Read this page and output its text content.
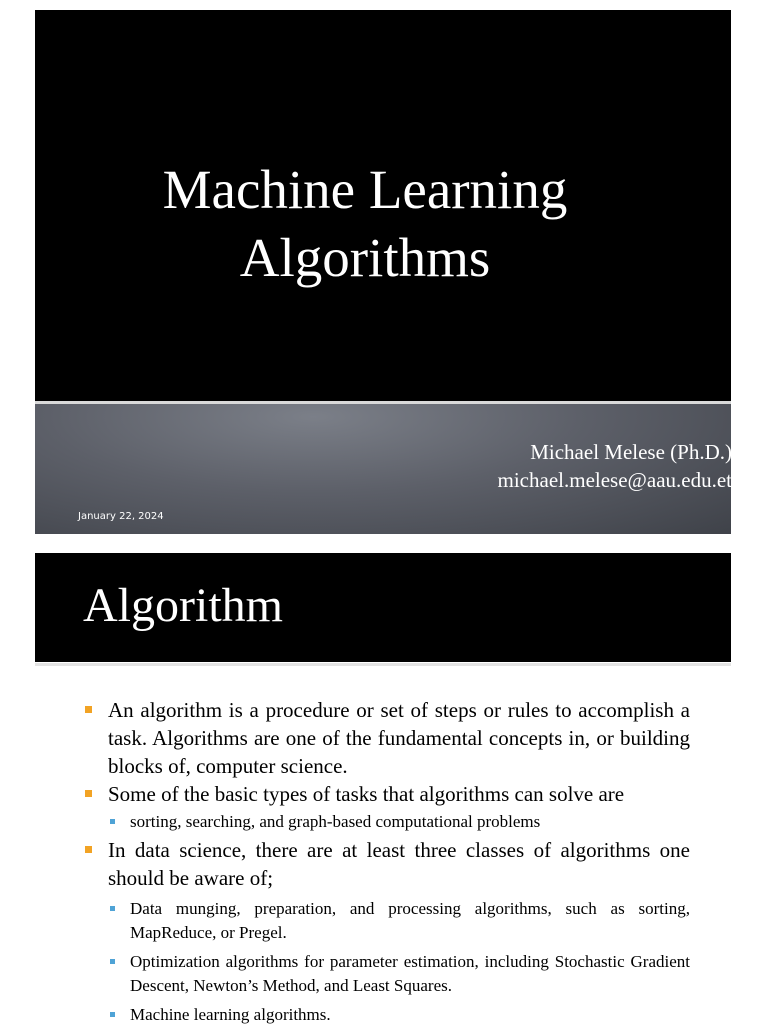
Machine Learning
Algorithms
Michael Melese (Ph.D.)
michael.melese@aau.edu.et
January 22, 2024
Algorithm
An algorithm is a procedure or set of steps or rules to accomplish a task. Algorithms are one of the fundamental concepts in, or building blocks of, computer science.
Some of the basic types of tasks that algorithms can solve are
sorting, searching, and graph-based computational problems
In data science, there are at least three classes of algorithms one should be aware of;
Data munging, preparation, and processing algorithms, such as sorting, MapReduce, or Pregel.
Optimization algorithms for parameter estimation, including Stochastic Gradient Descent, Newton’s Method, and Least Squares.
Machine learning algorithms.
